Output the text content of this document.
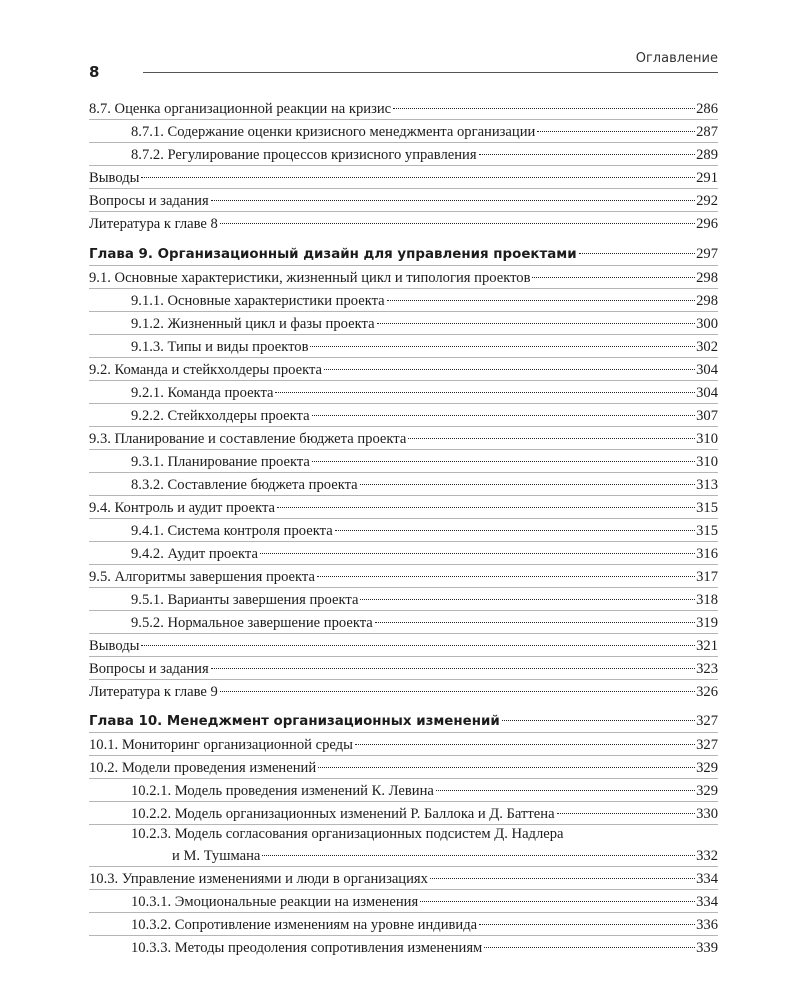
8
Оглавление
8.7. Оценка организационной реакции на кризис	286
8.7.1. Содержание оценки кризисного менеджмента организации	287
8.7.2. Регулирование процессов кризисного управления	289
Выводы	291
Вопросы и задания	292
Литература к главе 8	296
Глава 9. Организационный дизайн для управления проектами	297
9.1. Основные характеристики, жизненный цикл и типология проектов	298
9.1.1. Основные характеристики проекта	298
9.1.2. Жизненный цикл и фазы проекта	300
9.1.3. Типы и виды проектов	302
9.2. Команда и стейкхолдеры проекта	304
9.2.1. Команда проекта	304
9.2.2. Стейкхолдеры проекта	307
9.3. Планирование и составление бюджета проекта	310
9.3.1. Планирование проекта	310
8.3.2. Составление бюджета проекта	313
9.4. Контроль и аудит проекта	315
9.4.1. Система контроля проекта	315
9.4.2. Аудит проекта	316
9.5. Алгоритмы завершения проекта	317
9.5.1. Варианты завершения проекта	318
9.5.2. Нормальное завершение проекта	319
Выводы	321
Вопросы и задания	323
Литература к главе 9	326
Глава 10. Менеджмент организационных изменений	327
10.1. Мониторинг организационной среды	327
10.2. Модели проведения изменений	329
10.2.1. Модель проведения изменений К. Левина	329
10.2.2. Модель организационных изменений Р. Баллока и Д. Баттена	330
10.2.3. Модель согласования организационных подсистем Д. Надлера
и М. Тушмана	332
10.3. Управление изменениями и люди в организациях	334
10.3.1. Эмоциональные реакции на изменения	334
10.3.2. Сопротивление изменениям на уровне индивида	336
10.3.3. Методы преодоления сопротивления изменениям	339
